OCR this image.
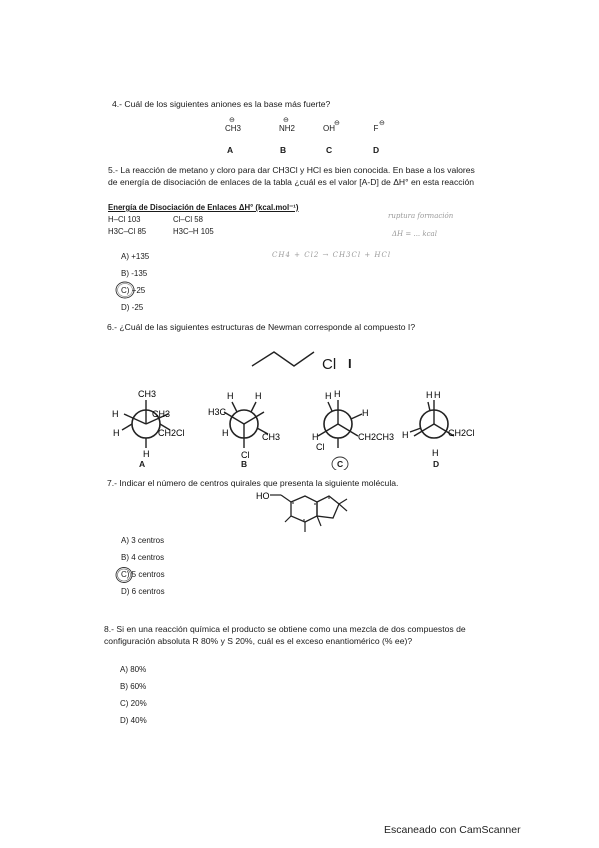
4.- Cuál de los siguientes aniones es la base más fuerte?
⊖
CH3
⊖
NH2
⊖
OH
⊖
F
A	B	C	D
5.- La reacción de metano y cloro para dar CH3Cl y HCl es bien conocida. En base a los valores
de energía de disociación de enlaces de la tabla ¿cuál es el valor [A-D] de ΔH° en esta reacción
Energía de Disociación de Enlaces ΔH° (kcal.mol⁻¹)
H–Cl 103	Cl–Cl 58
H3C–Cl 85	H3C–H 105
ruptura formación
ΔH = ... kcal
CH4 + Cl2 → CH3Cl + HCl
A) +135
B) -135
C) +25
D) -25
6.- ¿Cuál de las siguientes estructuras de Newman corresponde al compuesto I?
Cl I
CH3
H	CH3
H	CH2Cl
H
H3C
H H
H	CH3
Cl
H H
H
H	CH2CH3
Cl
H H
H	CH2Cl
H
A	B	C	D
7.- Indicar el número de centros quirales que presenta la siguiente molécula.
HO
A) 3 centros
B) 4 centros
C) 5 centros
D) 6 centros
8.- Si en una reacción química el producto se obtiene como una mezcla de dos compuestos de
configuración absoluta R 80% y S 20%, cuál es el exceso enantiomérico (% ee)?
A) 80%
B) 60%
C) 20%
D) 40%
Escaneado con CamScanner
